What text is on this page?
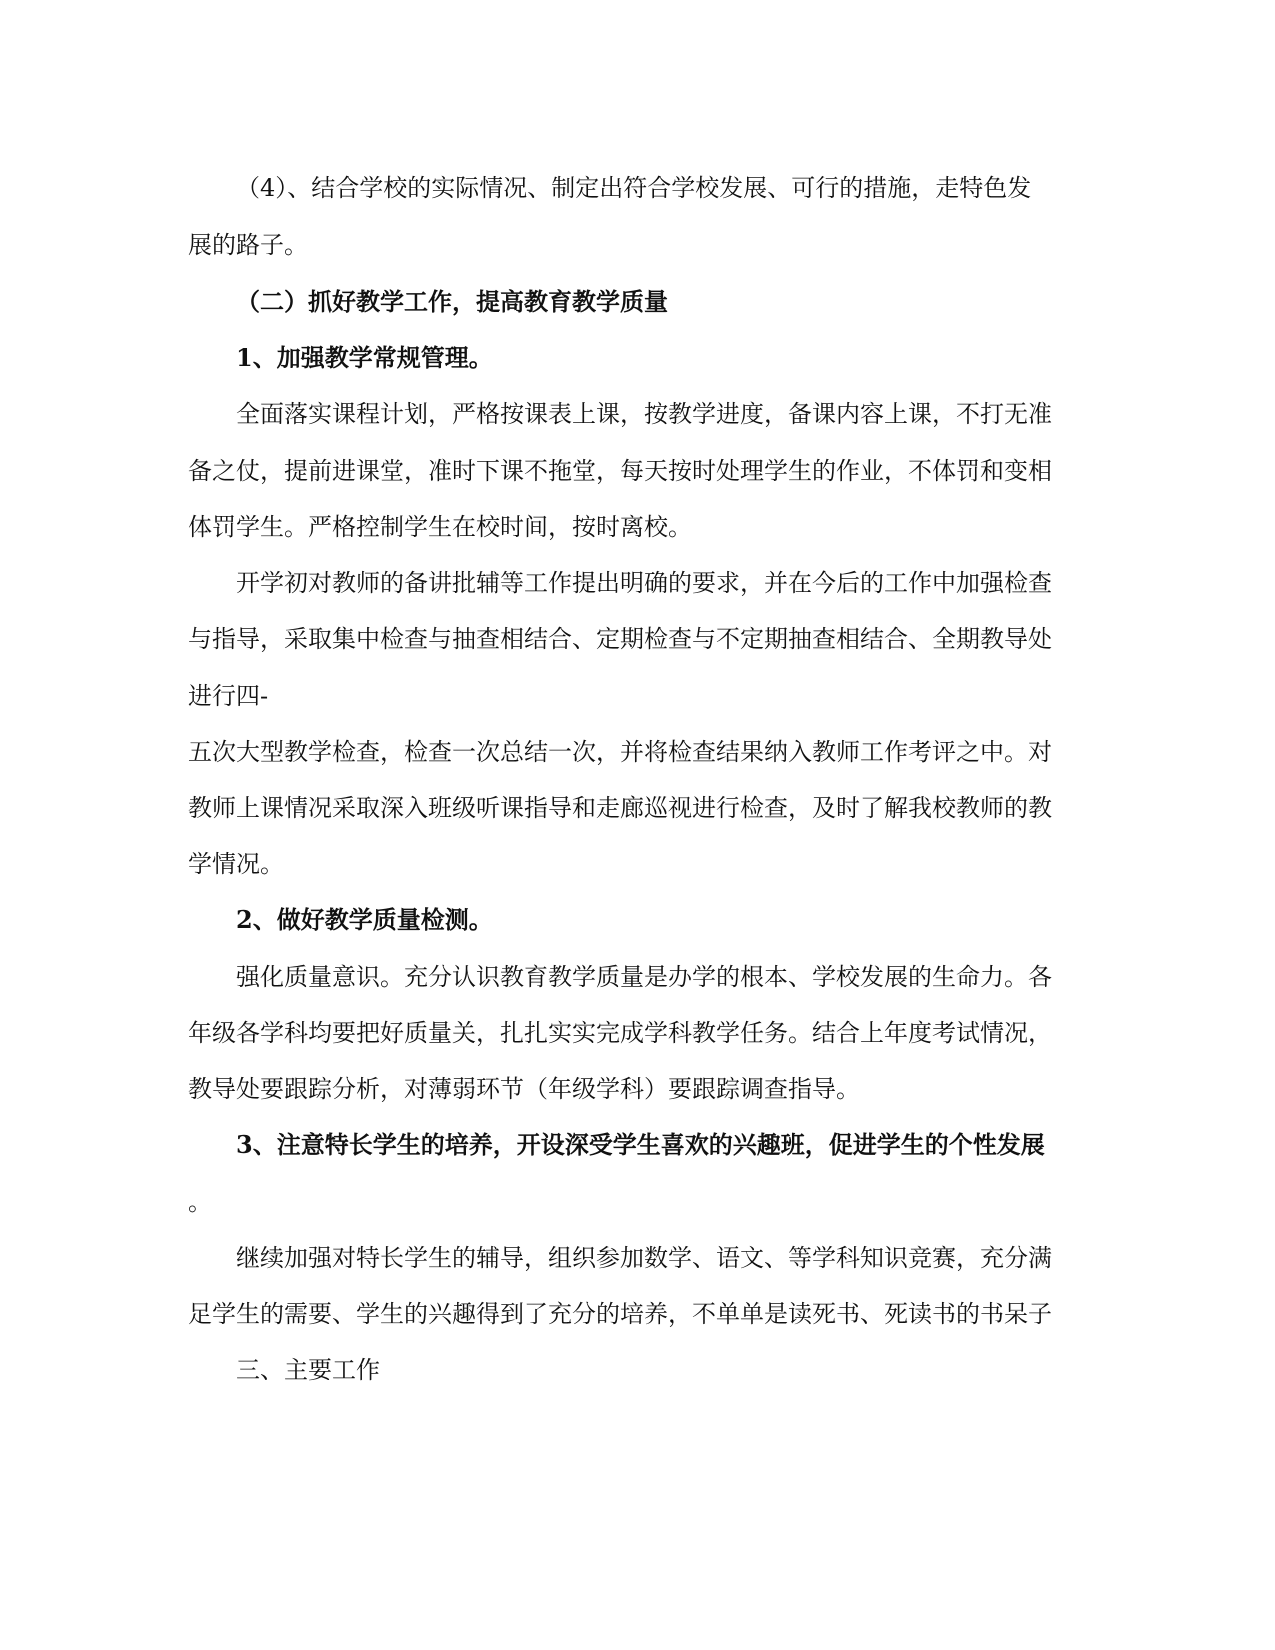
（4）、结合学校的实际情况、制定出符合学校发展、可行的措施，走特色发
展的路子。
（二）抓好教学工作，提高教育教学质量
1、加强教学常规管理。
全面落实课程计划，严格按课表上课，按教学进度，备课内容上课，不打无准
备之仗，提前进课堂，准时下课不拖堂，每天按时处理学生的作业，不体罚和变相
体罚学生。严格控制学生在校时间，按时离校。
开学初对教师的备讲批辅等工作提出明确的要求，并在今后的工作中加强检查
与指导，采取集中检查与抽查相结合、定期检查与不定期抽查相结合、全期教导处
进行四-
五次大型教学检查，检查一次总结一次，并将检查结果纳入教师工作考评之中。对
教师上课情况采取深入班级听课指导和走廊巡视进行检查，及时了解我校教师的教
学情况。
2、做好教学质量检测。
强化质量意识。充分认识教育教学质量是办学的根本、学校发展的生命力。各
年级各学科均要把好质量关，扎扎实实完成学科教学任务。结合上年度考试情况，
教导处要跟踪分析，对薄弱环节（年级学科）要跟踪调查指导。
3、注意特长学生的培养，开设深受学生喜欢的兴趣班，促进学生的个性发展
。
继续加强对特长学生的辅导，组织参加数学、语文、等学科知识竞赛，充分满
足学生的需要、学生的兴趣得到了充分的培养，不单单是读死书、死读书的书呆子
三、主要工作
